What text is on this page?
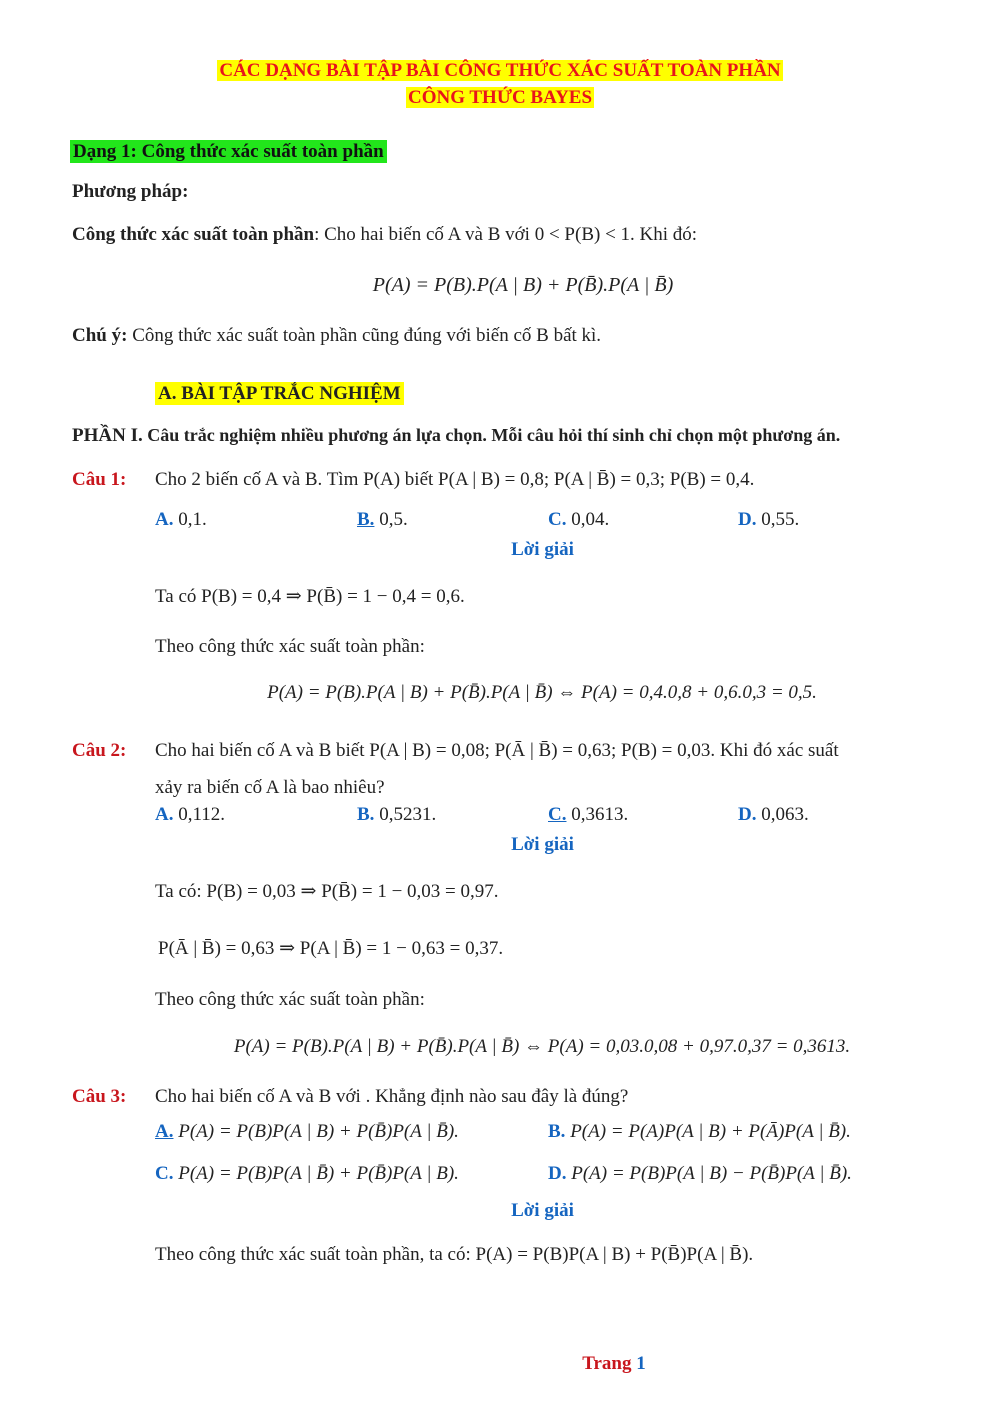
CÁC DẠNG BÀI TẬP BÀI CÔNG THỨC XÁC SUẤT TOÀN PHẦN
CÔNG THỨC BAYES
Dạng 1: Công thức xác suất toàn phần
Phương pháp:
Công thức xác suất toàn phần: Cho hai biến cố A và B với 0 < P(B) < 1. Khi đó:
P(A) = P(B).P(A | B) + P(B̄).P(A | B̄)
Chú ý: Công thức xác suất toàn phần cũng đúng với biến cố B bất kì.
A. BÀI TẬP TRẮC NGHIỆM
PHẦN I. Câu trắc nghiệm nhiều phương án lựa chọn. Mỗi câu hỏi thí sinh chỉ chọn một phương án.
Câu 1: Cho 2 biến cố A và B. Tìm P(A) biết P(A | B) = 0,8; P(A | B̄) = 0,3; P(B) = 0,4.
A. 0,1.	B. 0,5.	C. 0,04.	D. 0,55.
Lời giải
Ta có P(B) = 0,4 ⇒ P(B̄) = 1 − 0,4 = 0,6.
Theo công thức xác suất toàn phần:
P(A) = P(B).P(A | B) + P(B̄).P(A | B̄) ⇔ P(A) = 0,4.0,8 + 0,6.0,3 = 0,5.
Câu 2: Cho hai biến cố A và B biết P(A | B) = 0,08; P(Ā | B̄) = 0,63; P(B) = 0,03. Khi đó xác suất
xảy ra biến cố A là bao nhiêu?
A. 0,112.	B. 0,5231.	C. 0,3613.	D. 0,063.
Lời giải
Ta có: P(B) = 0,03 ⇒ P(B̄) = 1 − 0,03 = 0,97.
P(Ā | B̄) = 0,63 ⇒ P(A | B̄) = 1 − 0,63 = 0,37.
Theo công thức xác suất toàn phần:
P(A) = P(B).P(A | B) + P(B̄).P(A | B̄) ⇔ P(A) = 0,03.0,08 + 0,97.0,37 = 0,3613.
Câu 3: Cho hai biến cố A và B với . Khẳng định nào sau đây là đúng?
A. P(A) = P(B)P(A | B) + P(B̄)P(A | B̄).	B. P(A) = P(A)P(A | B) + P(Ā)P(A | B̄).
C. P(A) = P(B)P(A | B̄) + P(B̄)P(A | B).	D. P(A) = P(B)P(A | B) − P(B̄)P(A | B̄).
Lời giải
Theo công thức xác suất toàn phần, ta có: P(A) = P(B)P(A | B) + P(B̄)P(A | B̄).
Trang 1
